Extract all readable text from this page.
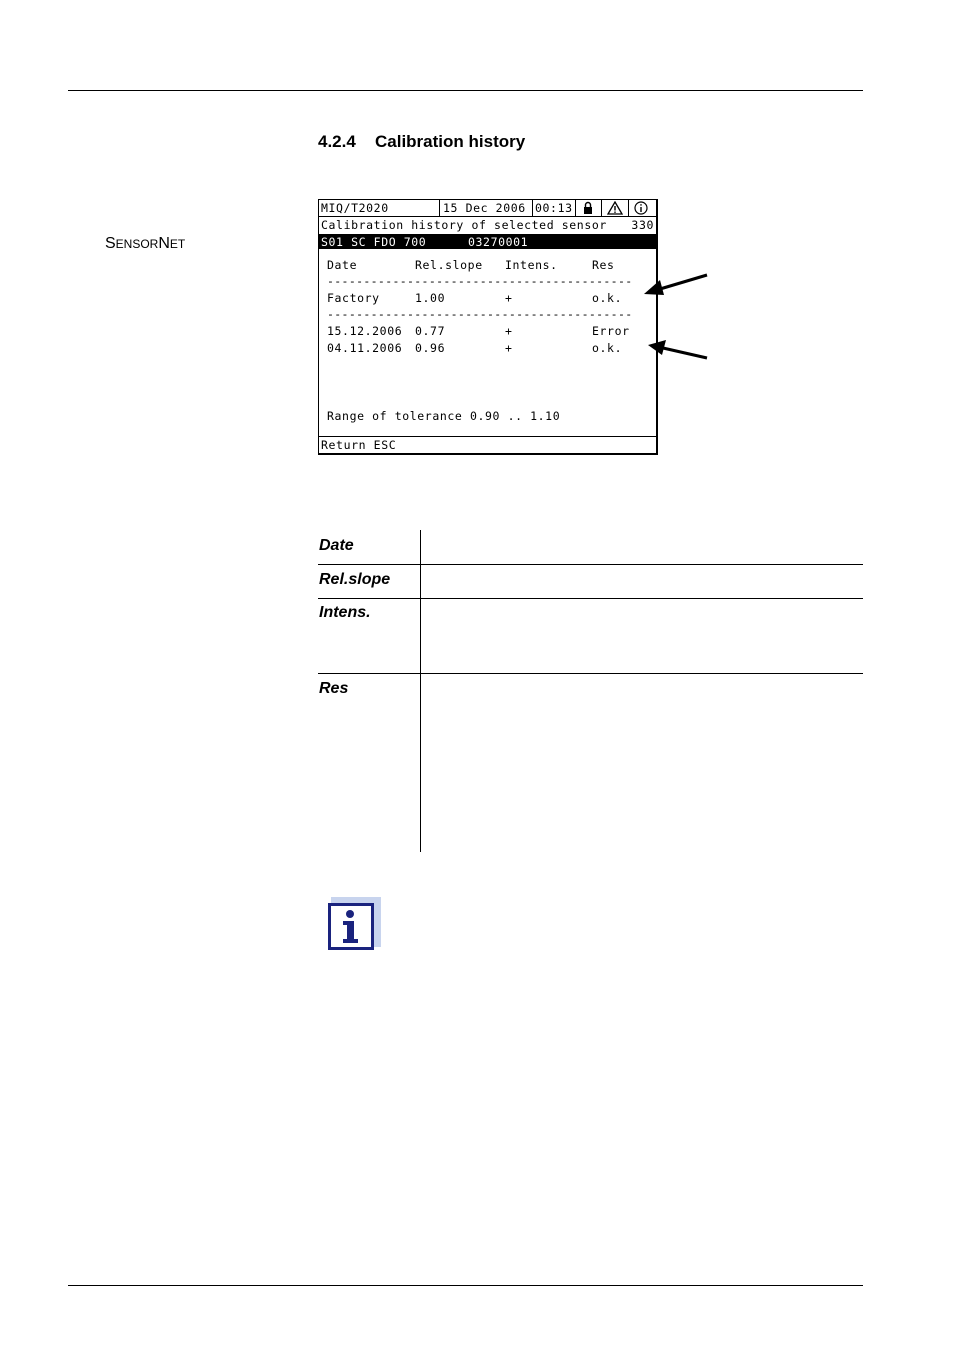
4.2.4 Calibration history
SENSORNET
MIQ/T2020	15 Dec 2006 00:13
Calibration history of selected sensor 330
S01 SC FDO 700	03270001
Date	Rel.slope Intens.	Res
------------------------------------------
Factory	1.00	+	o.k.
------------------------------------------
15.12.2006 0.77	+	Error
04.11.2006 0.96	+	o.k.
Range of tolerance 0.90 .. 1.10
Return ESC
Date
Rel.slope
Intens.
Res
